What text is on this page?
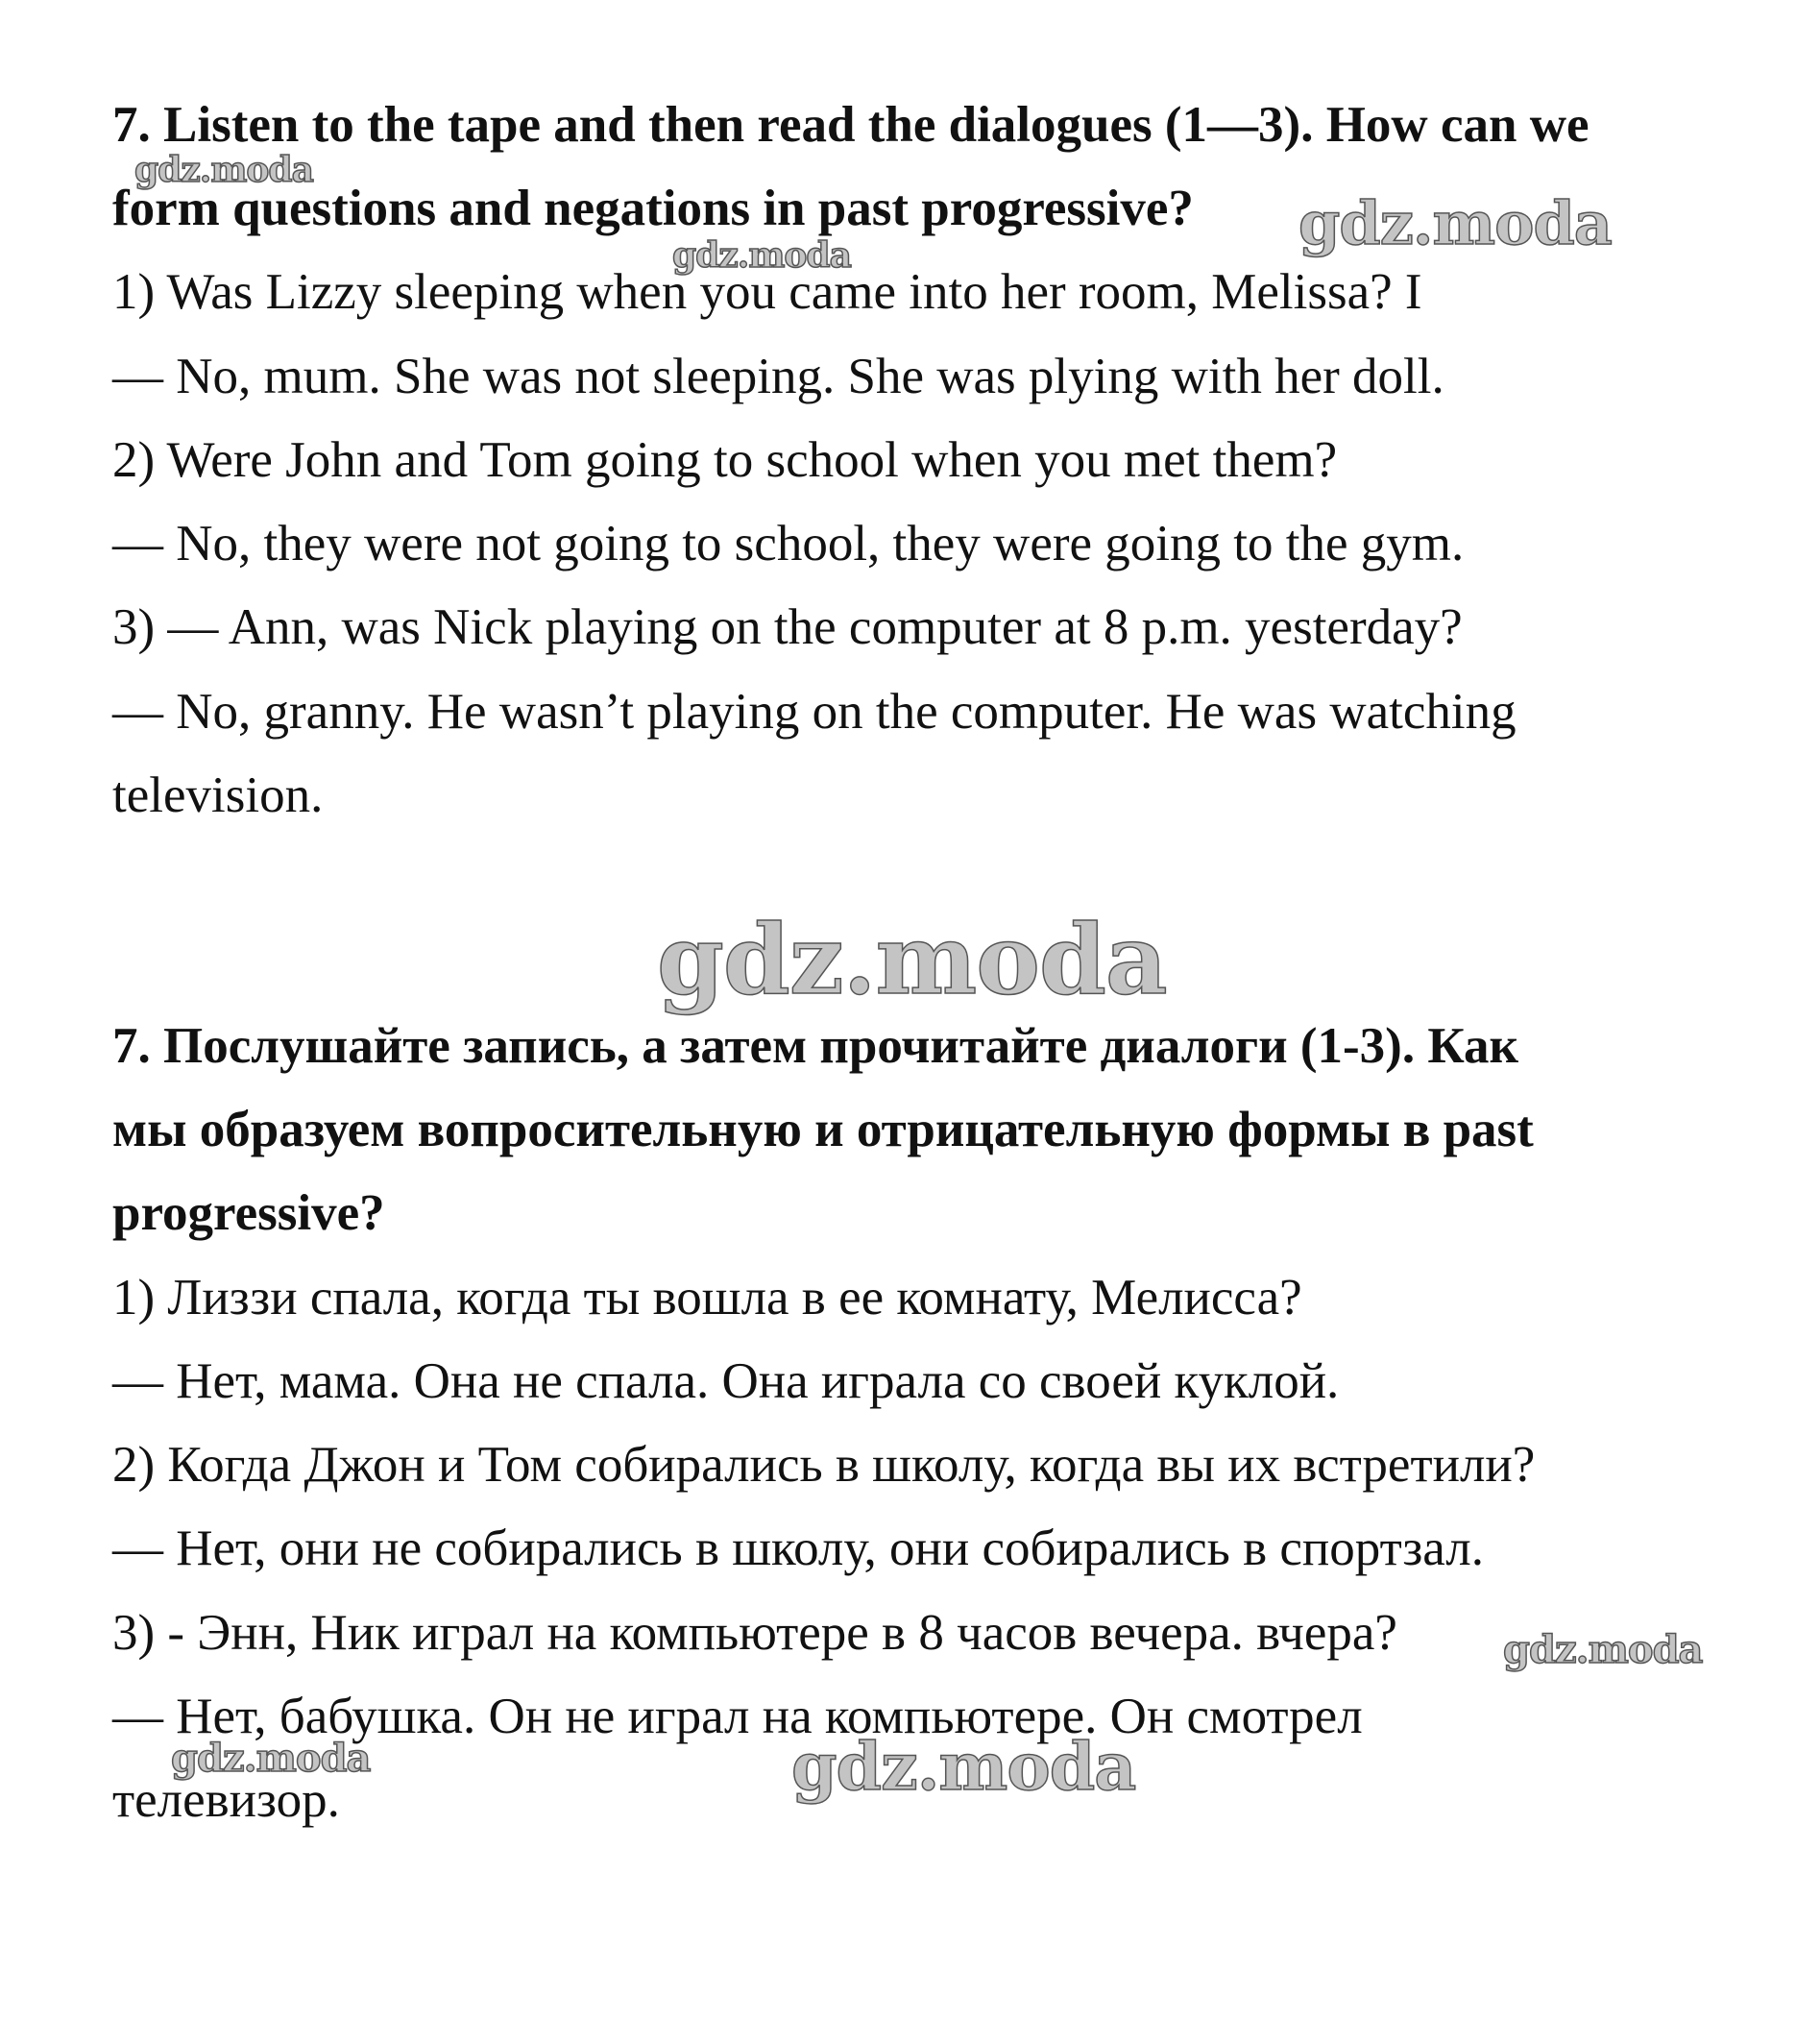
7. Listen to the tape and then read the dialogues (1—3). How can we
form questions and negations in past progressive?
1) Was Lizzy sleeping when you came into her room, Melissa? I
— No, mum. She was not sleeping. She was plying with her doll.
2) Were John and Tom going to school when you met them?
— No, they were not going to school, they were going to the gym.
3) — Ann, was Nick playing on the computer at 8 p.m. yesterday?
— No, granny. He wasn’t playing on the computer. He was watching
television.
7. Послушайте запись, а затем прочитайте диалоги (1-3). Как
мы образуем вопросительную и отрицательную формы в past
progressive?
1) Лиззи спала, когда ты вошла в ее комнату, Мелисса?
— Нет, мама. Она не спала. Она играла со своей куклой.
2) Когда Джон и Том собирались в школу, когда вы их встретили?
— Нет, они не собирались в школу, они собирались в спортзал.
3) - Энн, Ник играл на компьютере в 8 часов вечера. вчера?
— Нет, бабушка. Он не играл на компьютере. Он смотрел
телевизор.
gdz.moda
gdz.moda
gdz.moda
gdz.moda
gdz.moda
gdz.moda	gdz.moda
